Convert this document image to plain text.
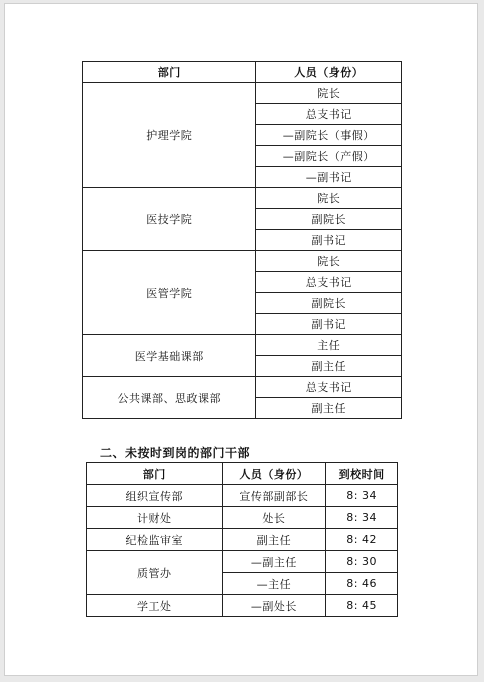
部门	人员（身份）
护理学院	院长
	总支书记
	—副院长（事假）
	—副院长（产假）
	—副书记
医技学院	院长
	副院长
	副书记
医管学院	院长
	总支书记
	副院长
	副书记
医学基础课部	主任
	副主任
公共课部、思政课部	总支书记
	副主任
二、未按时到岗的部门干部
部门	人员（身份）	到校时间
组织宣传部	宣传部副部长	8: 34
计财处	处长	8: 34
纪检监审室	副主任	8: 42
质管办	—副主任	8: 30
	—主任	8: 46
学工处	—副处长	8: 45
